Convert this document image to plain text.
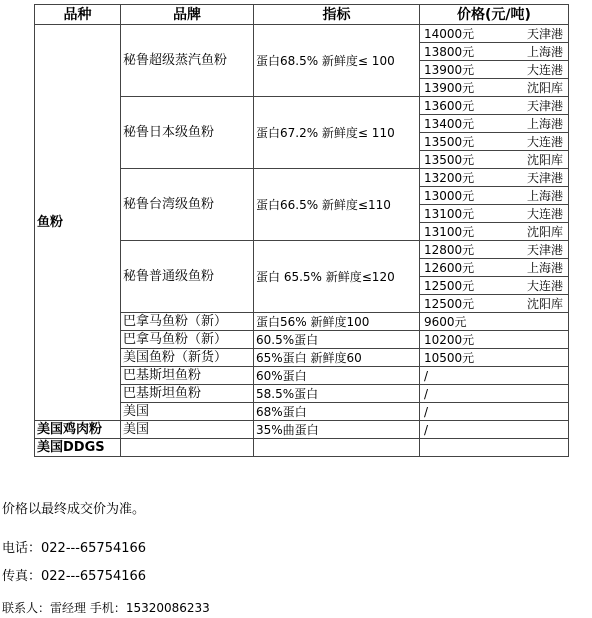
品种	品牌	指标	价格(元/吨)
鱼粉	秘鲁超级蒸汽鱼粉	蛋白68.5% 新鲜度≤ 100	14000元 天津港

			13800元 上海港

			13900元 大连港

			13900元 沈阳库

	秘鲁日本级鱼粉	蛋白67.2% 新鲜度≤ 110	13600元 天津港

			13400元 上海港

			13500元 大连港

			13500元 沈阳库

	秘鲁台湾级鱼粉	蛋白66.5% 新鲜度≤110	13200元 天津港

			13000元 上海港

			13100元 大连港

			13100元 沈阳库

	秘鲁普通级鱼粉	蛋白 65.5% 新鲜度≤120	12800元 天津港

			12600元 上海港

			12500元 大连港

			12500元 沈阳库

	巴拿马鱼粉（新）	蛋白56% 新鲜度100	9600元

	巴拿马鱼粉（新）	60.5%蛋白	10200元

	美国鱼粉（新货）	65%蛋白 新鲜度60	10500元

	巴基斯坦鱼粉	60%蛋白	/

	巴基斯坦鱼粉	58.5%蛋白	/

	美国	68%蛋白	/

美国鸡肉粉	美国	35%曲蛋白	/

美国DDGS			
价格以最终成交价为准。
电话：022---65754166
传真：022---65754166
联系人：雷经理 手机：15320086233
